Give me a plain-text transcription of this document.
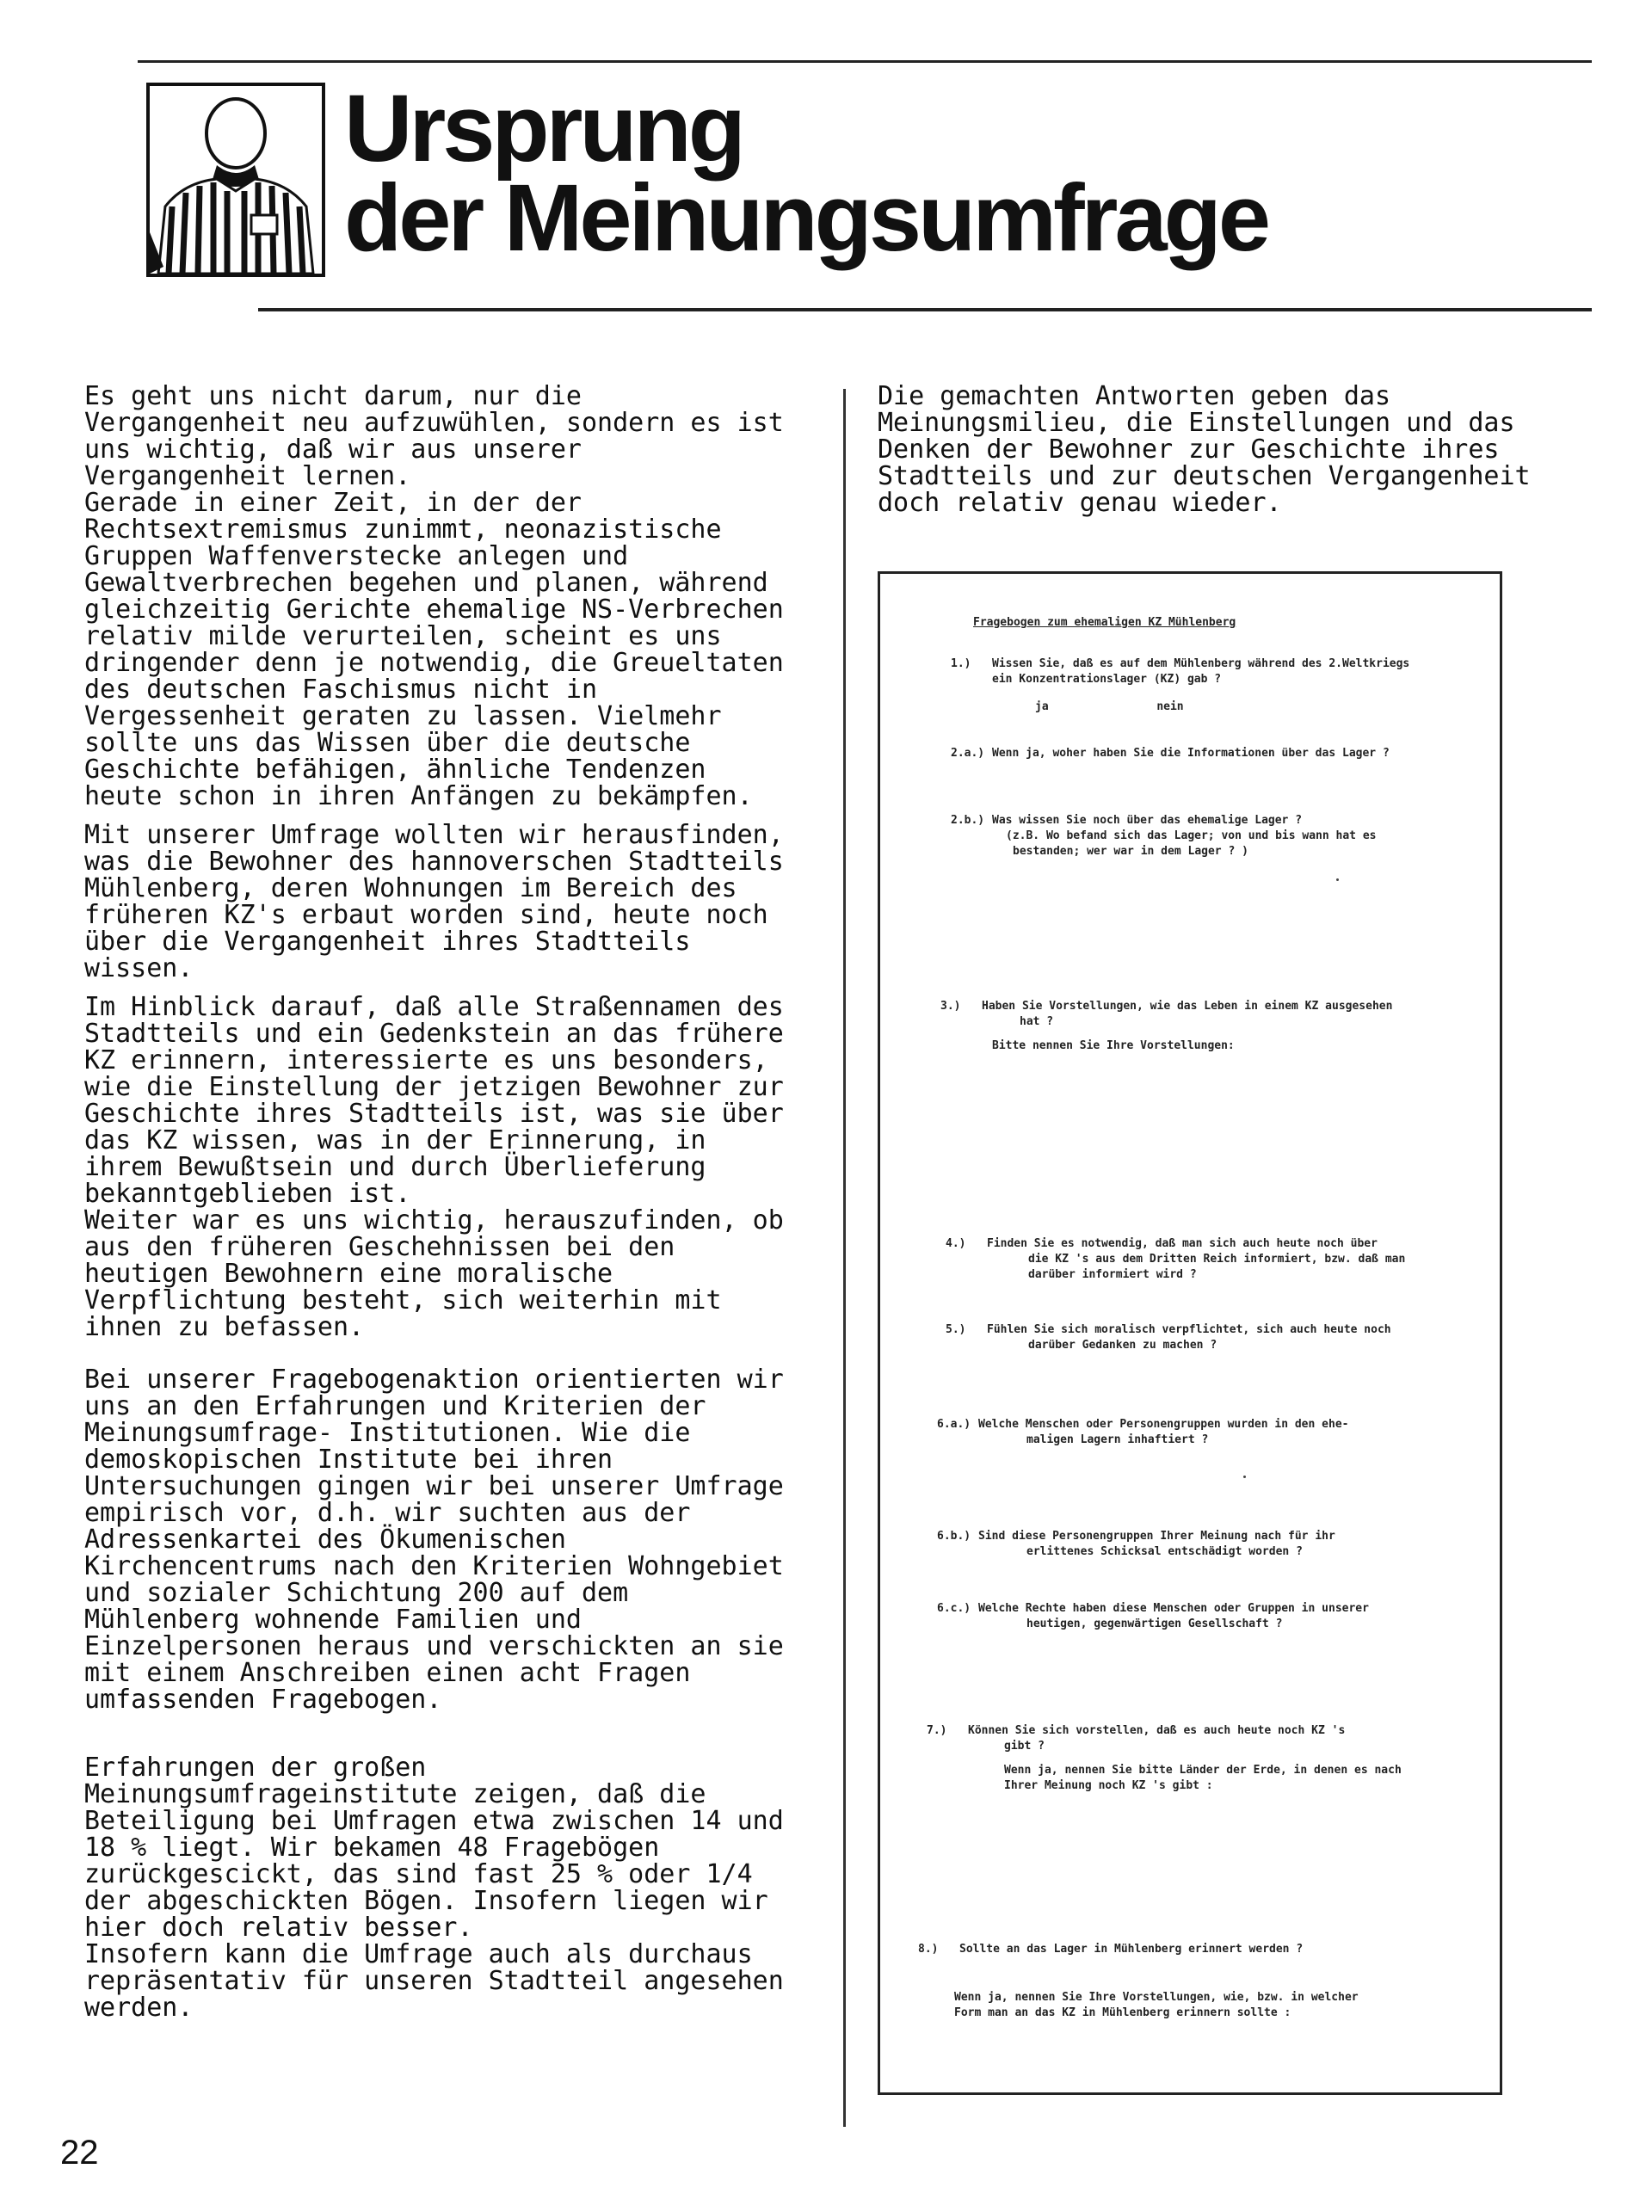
Ursprung
der Meinungsumfrage

Es geht uns nicht darum, nur die Vergangenheit neu aufzuwühlen, sondern es ist uns wichtig, daß wir aus unserer Vergangenheit lernen.

Gerade in einer Zeit, in der der Rechtsextremismus zunimmt, neonazistische Gruppen Waffenverstecke anlegen und Gewaltverbrechen begehen und planen, während gleichzeitig Gerichte ehemalige NS-Verbrechen relativ milde verurteilen, scheint es uns dringender denn je notwendig, die Greueltaten des deutschen Faschismus nicht in Vergessenheit geraten zu lassen. Vielmehr sollte uns das Wissen über die deutsche Geschichte befähigen, ähnliche Tendenzen heute schon in ihren Anfängen zu bekämpfen.

Mit unserer Umfrage wollten wir herausfinden, was die Bewohner des hannoverschen Stadtteils Mühlenberg, deren Wohnungen im Bereich des früheren KZ's erbaut worden sind, heute noch über die Vergangenheit ihres Stadtteils wissen.

Im Hinblick darauf, daß alle Straßennamen des Stadtteils und ein Gedenkstein an das frühere KZ erinnern, interessierte es uns besonders, wie die Einstellung der jetzigen Bewohner zur Geschichte ihres Stadtteils ist, was sie über das KZ wissen, was in der Erinnerung, in ihrem Bewußtsein und durch Überlieferung bekanntgeblieben ist.

Weiter war es uns wichtig, herauszufinden, ob aus den früheren Geschehnissen bei den heutigen Bewohnern eine moralische Verpflichtung besteht, sich weiterhin mit ihnen zu befassen.

Bei unserer Fragebogenaktion orientierten wir uns an den Erfahrungen und Kriterien der Meinungsumfrage- Institutionen. Wie die demoskopischen Institute bei ihren Untersuchungen gingen wir bei unserer Umfrage empirisch vor, d.h. wir suchten aus der Adressenkartei des Ökumenischen Kirchencentrums nach den Kriterien Wohngebiet und sozialer Schichtung 200 auf dem Mühlenberg wohnende Familien und Einzelpersonen heraus und verschickten an sie mit einem Anschreiben einen acht Fragen umfassenden Fragebogen.

Erfahrungen der großen Meinungsumfrageinstitute zeigen, daß die Beteiligung bei Umfragen etwa zwischen 14 und 18 % liegt. Wir bekamen 48 Fragebögen zurückgescickt, das sind fast 25 % oder 1/4 der abgeschickten Bögen. Insofern liegen wir hier doch relativ besser.

Insofern kann die Umfrage auch als durchaus repräsentativ für unseren Stadtteil angesehen werden.

Die gemachten Antworten geben das Meinungsmilieu, die Einstellungen und das Denken der Bewohner zur Geschichte ihres Stadtteils und zur deutschen Vergangenheit doch relativ genau wieder.
Fragebogen zum ehemaligen KZ Mühlenberg
1.) Wissen Sie, daß es auf dem Mühlenberg während des 2.Weltkriegs
ein Konzentrationslager (KZ) gab ?
ja	nein
2.a.) Wenn ja, woher haben Sie die Informationen über das Lager ?
2.b.) Was wissen Sie noch über das ehemalige Lager ?
(z.B. Wo befand sich das Lager; von und bis wann hat es
bestanden; wer war in dem Lager ? )
3.) Haben Sie Vorstellungen, wie das Leben in einem KZ ausgesehen
hat ?
Bitte nennen Sie Ihre Vorstellungen:
4.) Finden Sie es notwendig, daß man sich auch heute noch über
die KZ 's aus dem Dritten Reich informiert, bzw. daß man
darüber informiert wird ?
5.) Fühlen Sie sich moralisch verpflichtet, sich auch heute noch
darüber Gedanken zu machen ?
6.a.) Welche Menschen oder Personengruppen wurden in den ehe-
maligen Lagern inhaftiert ?
6.b.) Sind diese Personengruppen Ihrer Meinung nach für ihr
erlittenes Schicksal entschädigt worden ?
6.c.) Welche Rechte haben diese Menschen oder Gruppen in unserer
heutigen, gegenwärtigen Gesellschaft ?
7.) Können Sie sich vorstellen, daß es auch heute noch KZ 's
gibt ?
Wenn ja, nennen Sie bitte Länder der Erde, in denen es nach
Ihrer Meinung noch KZ 's gibt :
8.) Sollte an das Lager in Mühlenberg erinnert werden ?
Wenn ja, nennen Sie Ihre Vorstellungen, wie, bzw. in welcher
Form man an das KZ in Mühlenberg erinnern sollte :
22
